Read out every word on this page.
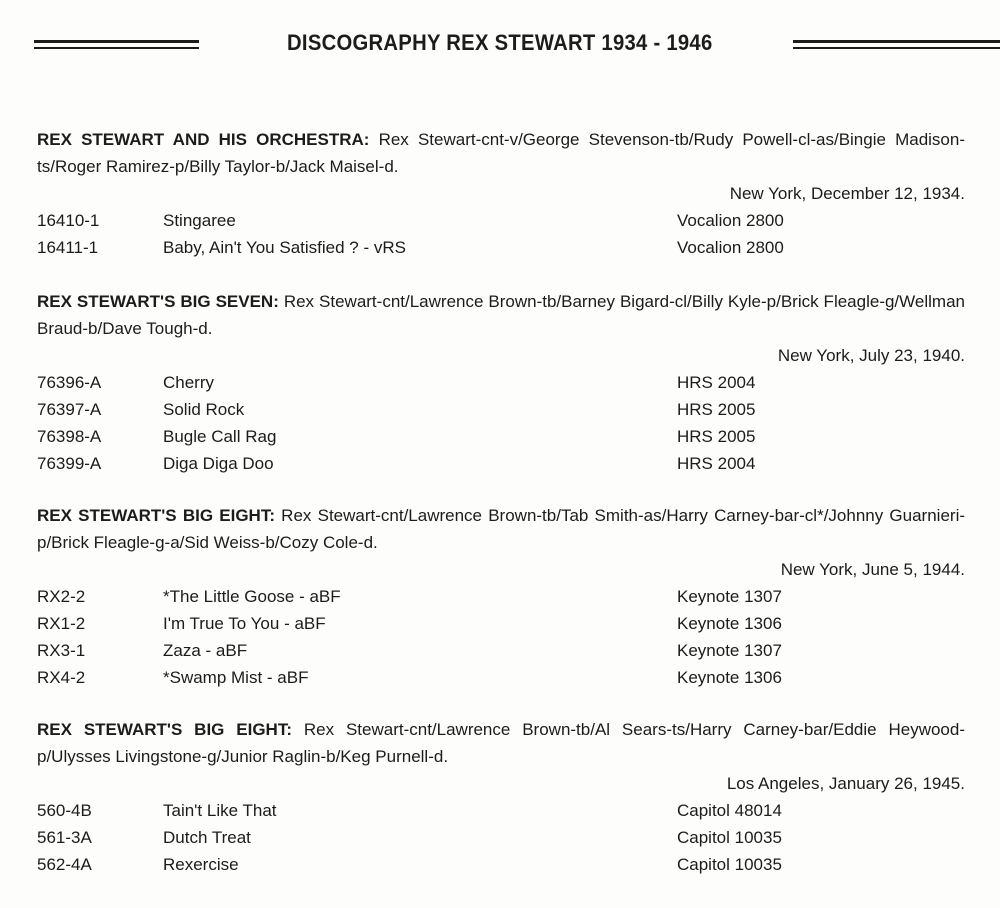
DISCOGRAPHY REX STEWART 1934 - 1946
REX STEWART AND HIS ORCHESTRA: Rex Stewart-cnt-v/George Stevenson-tb/Rudy Powell-cl-as/Bingie Madison-ts/Roger Ramirez-p/Billy Taylor-b/Jack Maisel-d.
New York, December 12, 1934.
16410-1	Stingaree	Vocalion 2800
16411-1	Baby, Ain't You Satisfied ? - vRS	Vocalion 2800
REX STEWART'S BIG SEVEN: Rex Stewart-cnt/Lawrence Brown-tb/Barney Bigard-cl/Billy Kyle-p/Brick Fleagle-g/Wellman Braud-b/Dave Tough-d.
New York, July 23, 1940.
76396-A	Cherry	HRS 2004
76397-A	Solid Rock	HRS 2005
76398-A	Bugle Call Rag	HRS 2005
76399-A	Diga Diga Doo	HRS 2004
REX STEWART'S BIG EIGHT: Rex Stewart-cnt/Lawrence Brown-tb/Tab Smith-as/Harry Carney-bar-cl*/Johnny Guarnieri-p/Brick Fleagle-g-a/Sid Weiss-b/Cozy Cole-d.
New York, June 5, 1944.
RX2-2	*The Little Goose - aBF	Keynote 1307
RX1-2	I'm True To You - aBF	Keynote 1306
RX3-1	Zaza - aBF	Keynote 1307
RX4-2	*Swamp Mist - aBF	Keynote 1306
REX STEWART'S BIG EIGHT: Rex Stewart-cnt/Lawrence Brown-tb/Al Sears-ts/Harry Carney-bar/Eddie Heywood-p/Ulysses Livingstone-g/Junior Raglin-b/Keg Purnell-d.
Los Angeles, January 26, 1945.
560-4B	Tain't Like That	Capitol 48014
561-3A	Dutch Treat	Capitol 10035
562-4A	Rexercise	Capitol 10035
